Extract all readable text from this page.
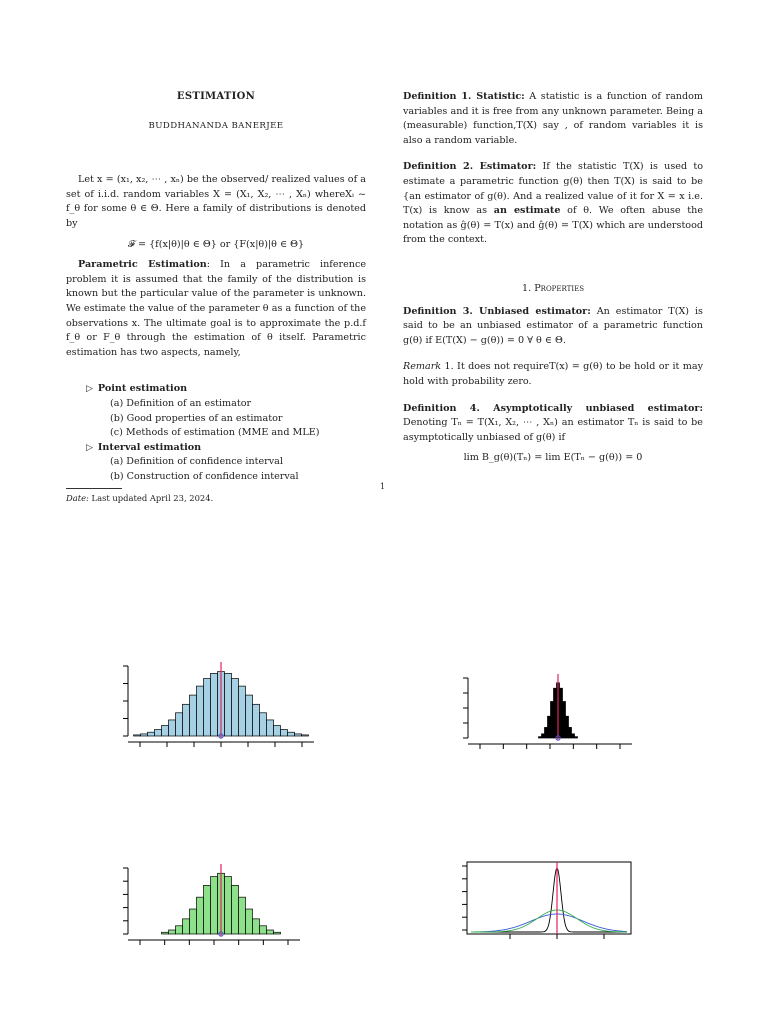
ESTIMATION
BUDDHANANDA BANERJEE

Let x = (x₁, x₂, ⋯ , xₙ) be the observed/ realized values of a set of i.i.d. random variables X = (X₁, X₂, ⋯ , Xₙ) whereXᵢ ~ f_θ for some θ ∈ Θ. Here a family of distributions is denoted by

𝓕 = {f(x|θ)|θ ∈ Θ} or {F(x|θ)|θ ∈ Θ}

Parametric Estimation: In a parametric inference problem it is assumed that the family of the distribution is known but the particular value of the parameter is unknown. We estimate the value of the parameter θ as a function of the observations x. The ultimate goal is to approximate the p.d.f f_θ or F_θ through the estimation of θ itself. Parametric estimation has two aspects, namely,

▷ Point estimation
(a) Definition of an estimator
(b) Good properties of an estimator
(c) Methods of estimation (MME and MLE)
▷ Interval estimation
(a) Definition of confidence interval
(b) Construction of confidence interval
Date: Last updated April 23, 2024.

Definition 1. Statistic: A statistic is a function of random variables and it is free from any unknown parameter. Being a (measurable) function,T(X) say , of random variables it is also a random variable.

Definition 2. Estimator: If the statistic T(X) is used to estimate a parametric function g(θ) then T(X) is said to be {an estimator of g(θ). And a realized value of it for X = x i.e. T(x) is know as an estimate of θ. We often abuse the notation as ĝ(θ) = T(x) and ĝ(θ) = T(X) which are understood from the context.

1. Properties

Definition 3. Unbiased estimator: An estimator T(X) is said to be an unbiased estimator of a parametric function g(θ) if E(T(X) − g(θ)) = 0 ∀ θ ∈ Θ.

Remark 1. It does not requireT(x) = g(θ) to be hold or it may hold with probability zero.

Definition 4. Asymptotically unbiased estimator: Denoting Tₙ = T(X₁, X₂, ⋯ , Xₙ) an estimator Tₙ is said to be asymptotically unbiased of g(θ) if

lim B_g(θ)(Tₙ) = lim E(Tₙ − g(θ)) = 0
1
